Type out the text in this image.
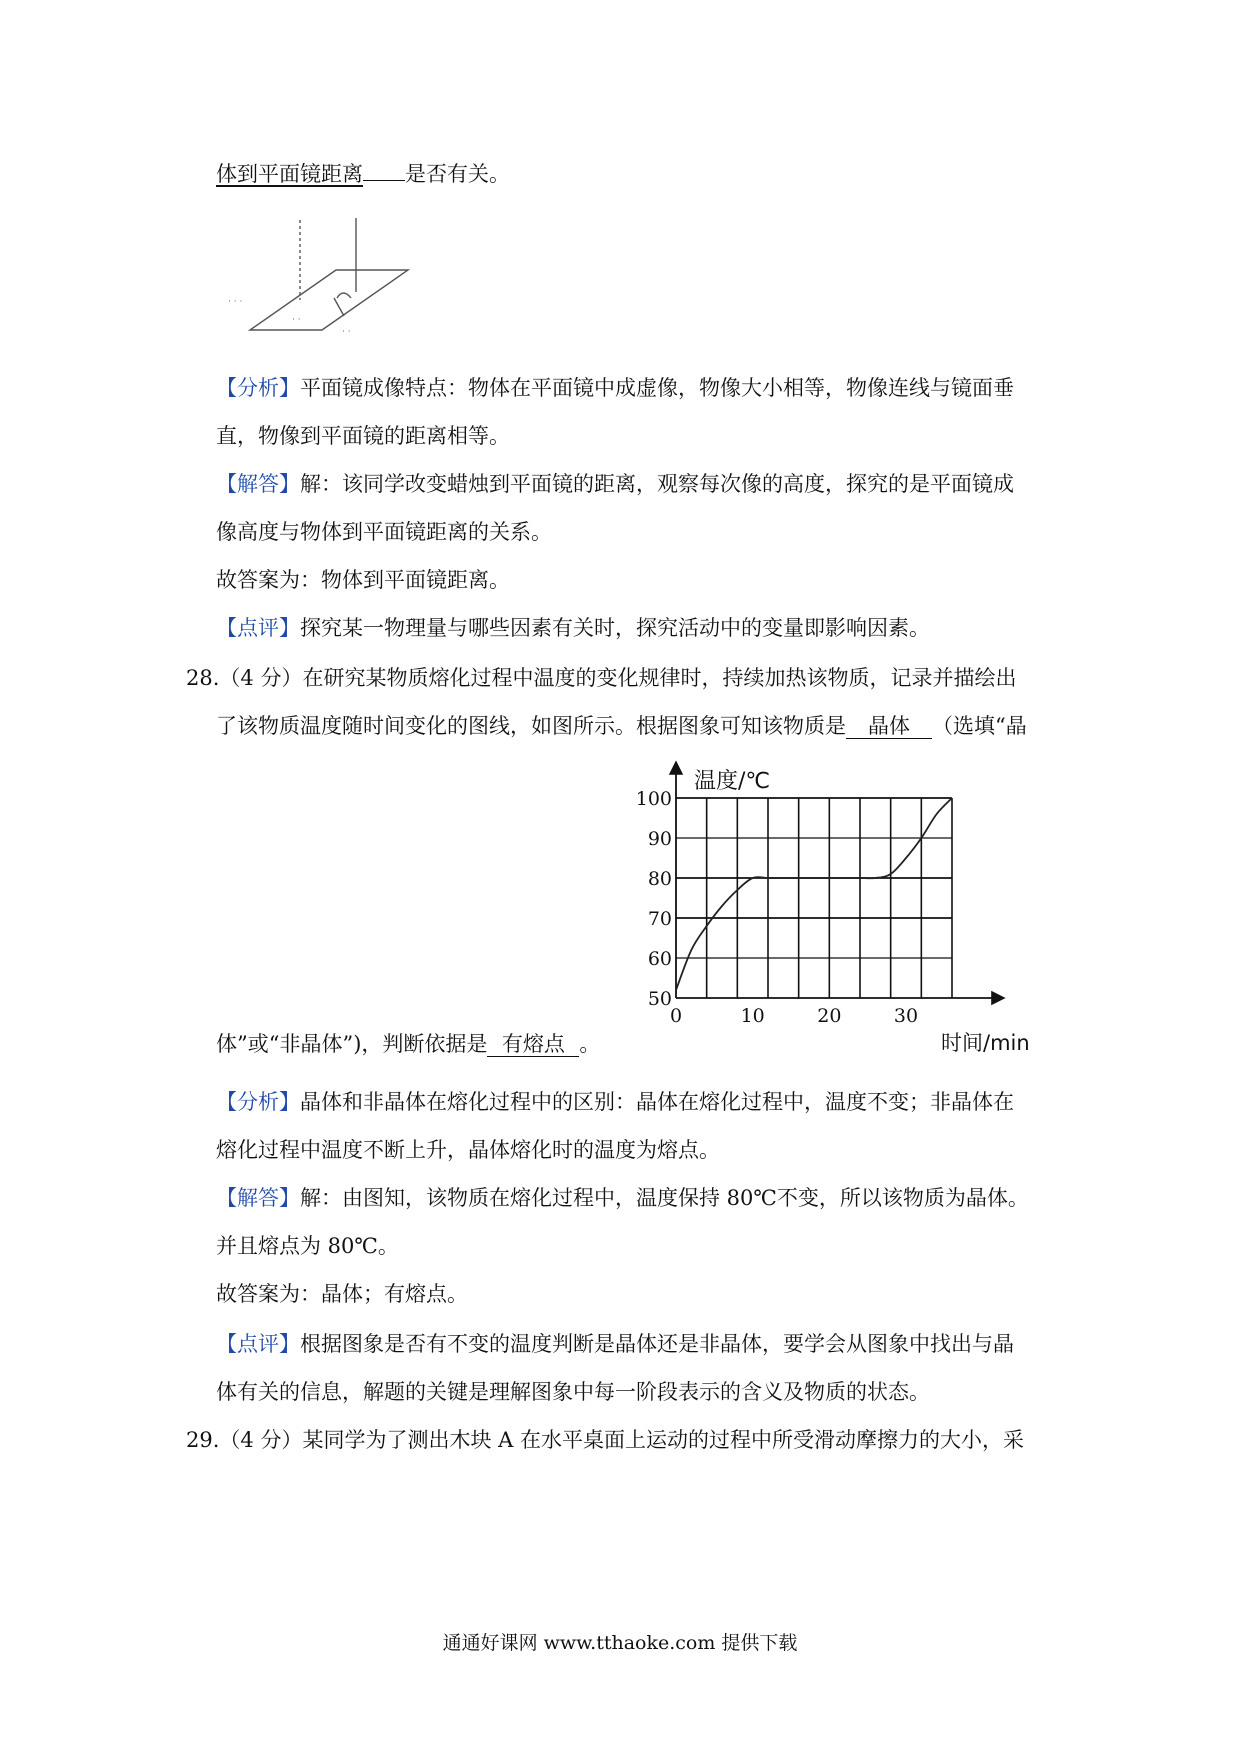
体到平面镜距离 是否有关。
· · ·
· ·
· ·
【分析】平面镜成像特点：物体在平面镜中成虚像，物像大小相等，物像连线与镜面垂
直，物像到平面镜的距离相等。
【解答】解：该同学改变蜡烛到平面镜的距离，观察每次像的高度，探究的是平面镜成
像高度与物体到平面镜距离的关系。
故答案为：物体到平面镜距离。
【点评】探究某一物理量与哪些因素有关时，探究活动中的变量即影响因素。
28.（4 分）在研究某物质熔化过程中温度的变化规律时，持续加热该物质，记录并描绘出
了该物质温度随时间变化的图线，如图所示。根据图象可知该物质是 晶体 （选填“晶
50
60
70
80
90
100
0	10	20	30
温度/℃
时间/min
体”或“非晶体”)，判断依据是 有熔点 。
【分析】晶体和非晶体在熔化过程中的区别：晶体在熔化过程中，温度不变；非晶体在
熔化过程中温度不断上升，晶体熔化时的温度为熔点。
【解答】解：由图知，该物质在熔化过程中，温度保持 80℃不变，所以该物质为晶体。
并且熔点为 80℃。
故答案为：晶体；有熔点。
【点评】根据图象是否有不变的温度判断是晶体还是非晶体，要学会从图象中找出与晶
体有关的信息，解题的关键是理解图象中每一阶段表示的含义及物质的状态。
29.（4 分）某同学为了测出木块 A 在水平桌面上运动的过程中所受滑动摩擦力的大小，采
通通好课网 www.tthaoke.com 提供下载
